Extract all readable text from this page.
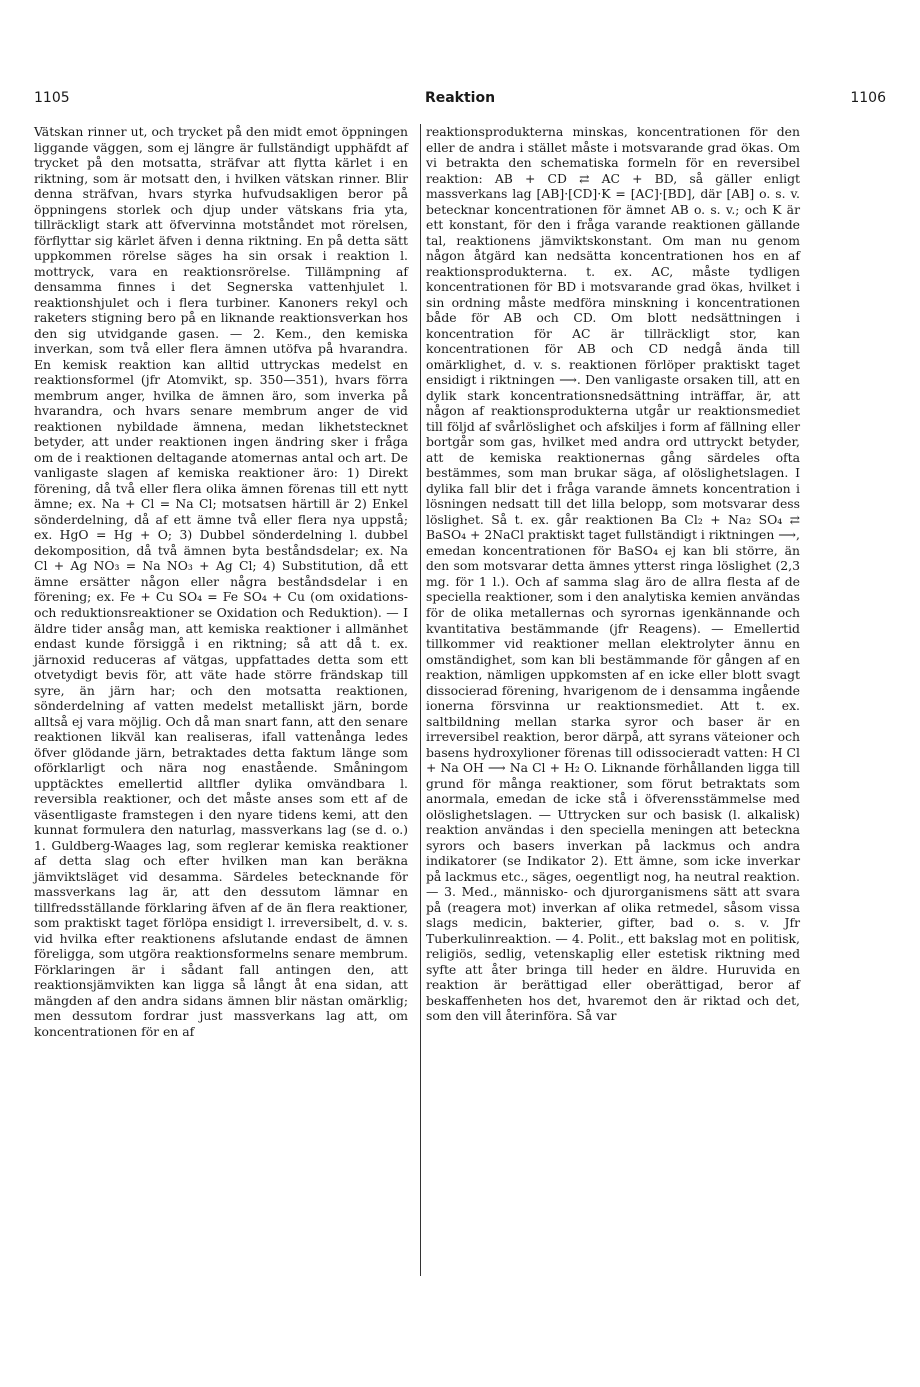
1105	Reaktion	1106
Vätskan rinner ut, och trycket på den midt emot öppningen liggande väggen, som ej längre är fullständigt upphäfdt af trycket på den motsatta, sträfvar att flytta kärlet i en riktning, som är motsatt den, i hvilken vätskan rinner. Blir denna sträfvan, hvars styrka hufvudsakligen beror på öppningens storlek och djup under vätskans fria yta, tillräckligt stark att öfvervinna motståndet mot rörelsen, förflyttar sig kärlet äfven i denna riktning. En på detta sätt uppkommen rörelse säges ha sin orsak i reaktion l. mottryck, vara en reaktionsrörelse. Tillämpning af densamma finnes i det Segnerska vattenhjulet l. reaktionshjulet och i flera turbiner. Kanoners rekyl och raketers stigning bero på en liknande reaktionsverkan hos den sig utvidgande gasen. — 2. Kem., den kemiska inverkan, som två eller flera ämnen utöfva på hvarandra. En kemisk reaktion kan alltid uttryckas medelst en reaktionsformel (jfr Atomvikt, sp. 350—351), hvars förra membrum anger, hvilka de ämnen äro, som inverka på hvarandra, och hvars senare membrum anger de vid reaktionen nybildade ämnena, medan likhetstecknet betyder, att under reaktionen ingen ändring sker i fråga om de i reaktionen deltagande atomernas antal och art. De vanligaste slagen af kemiska reaktioner äro: 1) Direkt förening, då två eller flera olika ämnen förenas till ett nytt ämne; ex. Na + Cl = Na Cl; motsatsen härtill är 2) Enkel sönderdelning, då af ett ämne två eller flera nya uppstå; ex. HgO = Hg + O; 3) Dubbel sönderdelning l. dubbel dekomposition, då två ämnen byta beståndsdelar; ex. Na Cl + Ag NO₃ = Na NO₃ + Ag Cl; 4) Substitution, då ett ämne ersätter någon eller några beståndsdelar i en förening; ex. Fe + Cu SO₄ = Fe SO₄ + Cu (om oxidations- och reduktionsreaktioner se Oxidation och Reduktion). — I äldre tider ansåg man, att kemiska reaktioner i allmänhet endast kunde försiggå i en riktning; så att då t. ex. järnoxid reduceras af vätgas, uppfattades detta som ett otvetydigt bevis för, att väte hade större frändskap till syre, än järn har; och den motsatta reaktionen, sönderdelning af vatten medelst metalliskt järn, borde alltså ej vara möjlig. Och då man snart fann, att den senare reaktionen likväl kan realiseras, ifall vattenånga ledes öfver glödande järn, betraktades detta faktum länge som oförklarligt och nära nog enastående. Småningom upptäcktes emellertid alltfler dylika omvändbara l. reversibla reaktioner, och det måste anses som ett af de väsentligaste framstegen i den nyare tidens kemi, att den kunnat formulera den naturlag, massverkans lag (se d. o.) 1. Guldberg-Waages lag, som reglerar kemiska reaktioner af detta slag och efter hvilken man kan beräkna jämviktsläget vid desamma. Särdeles betecknande för massverkans lag är, att den dessutom lämnar en tillfredsställande förklaring äfven af de än flera reaktioner, som praktiskt taget förlöpa ensidigt l. irreversibelt, d. v. s. vid hvilka efter reaktionens afslutande endast de ämnen föreligga, som utgöra reaktionsformelns senare membrum. Förklaringen är i sådant fall antingen den, att reaktionsjämvikten kan ligga så långt åt ena sidan, att mängden af den andra sidans ämnen blir nästan omärklig; men dessutom fordrar just massverkans lag att, om koncentrationen för en af
reaktionsprodukterna minskas, koncentrationen för den eller de andra i stället måste i motsvarande grad ökas. Om vi betrakta den schematiska formeln för en reversibel reaktion: AB + CD ⇄ AC + BD, så gäller enligt massverkans lag [AB]·[CD]·K = [AC]·[BD], där [AB] o. s. v. betecknar koncentrationen för ämnet AB o. s. v.; och K är ett konstant, för den i fråga varande reaktionen gällande tal, reaktionens jämviktskonstant. Om man nu genom någon åtgärd kan nedsätta koncentrationen hos en af reaktionsprodukterna. t. ex. AC, måste tydligen koncentrationen för BD i motsvarande grad ökas, hvilket i sin ordning måste medföra minskning i koncentrationen både för AB och CD. Om blott nedsättningen i koncentration för AC är tillräckligt stor, kan koncentrationen för AB och CD nedgå ända till omärklighet, d. v. s. reaktionen förlöper praktiskt taget ensidigt i riktningen ⟶. Den vanligaste orsaken till, att en dylik stark koncentrationsnedsättning inträffar, är, att någon af reaktionsprodukterna utgår ur reaktionsmediet till följd af svårlöslighet och afskiljes i form af fällning eller bortgår som gas, hvilket med andra ord uttryckt betyder, att de kemiska reaktionernas gång särdeles ofta bestämmes, som man brukar säga, af olöslighetslagen. I dylika fall blir det i fråga varande ämnets koncentration i lösningen nedsatt till det lilla belopp, som motsvarar dess löslighet. Så t. ex. går reaktionen Ba Cl₂ + Na₂ SO₄ ⇄ BaSO₄ + 2NaCl praktiskt taget fullständigt i riktningen ⟶, emedan koncentrationen för BaSO₄ ej kan bli större, än den som motsvarar detta ämnes ytterst ringa löslighet (2,3 mg. för 1 l.). Och af samma slag äro de allra flesta af de speciella reaktioner, som i den analytiska kemien användas för de olika metallernas och syrornas igenkännande och kvantitativa bestämmande (jfr Reagens). — Emellertid tillkommer vid reaktioner mellan elektrolyter ännu en omständighet, som kan bli bestämmande för gången af en reaktion, nämligen uppkomsten af en icke eller blott svagt dissocierad förening, hvarigenom de i densamma ingående ionerna försvinna ur reaktionsmediet. Att t. ex. saltbildning mellan starka syror och baser är en irreversibel reaktion, beror därpå, att syrans väteioner och basens hydroxylioner förenas till odissocieradt vatten: H Cl + Na OH ⟶ Na Cl + H₂ O. Liknande förhållanden ligga till grund för många reaktioner, som förut betraktats som anormala, emedan de icke stå i öfverensstämmelse med olöslighetslagen. — Uttrycken sur och basisk (l. alkalisk) reaktion användas i den speciella meningen att beteckna syrors och basers inverkan på lackmus och andra indikatorer (se Indikator 2). Ett ämne, som icke inverkar på lackmus etc., säges, oegentligt nog, ha neutral reaktion. — 3. Med., människo- och djurorganismens sätt att svara på (reagera mot) inverkan af olika retmedel, såsom vissa slags medicin, bakterier, gifter, bad o. s. v. Jfr Tuberkulinreaktion. — 4. Polit., ett bakslag mot en politisk, religiös, sedlig, vetenskaplig eller estetisk riktning med syfte att åter bringa till heder en äldre. Huruvida en reaktion är berättigad eller oberättigad, beror af beskaffenheten hos det, hvaremot den är riktad och det, som den vill återinföra. Så var
